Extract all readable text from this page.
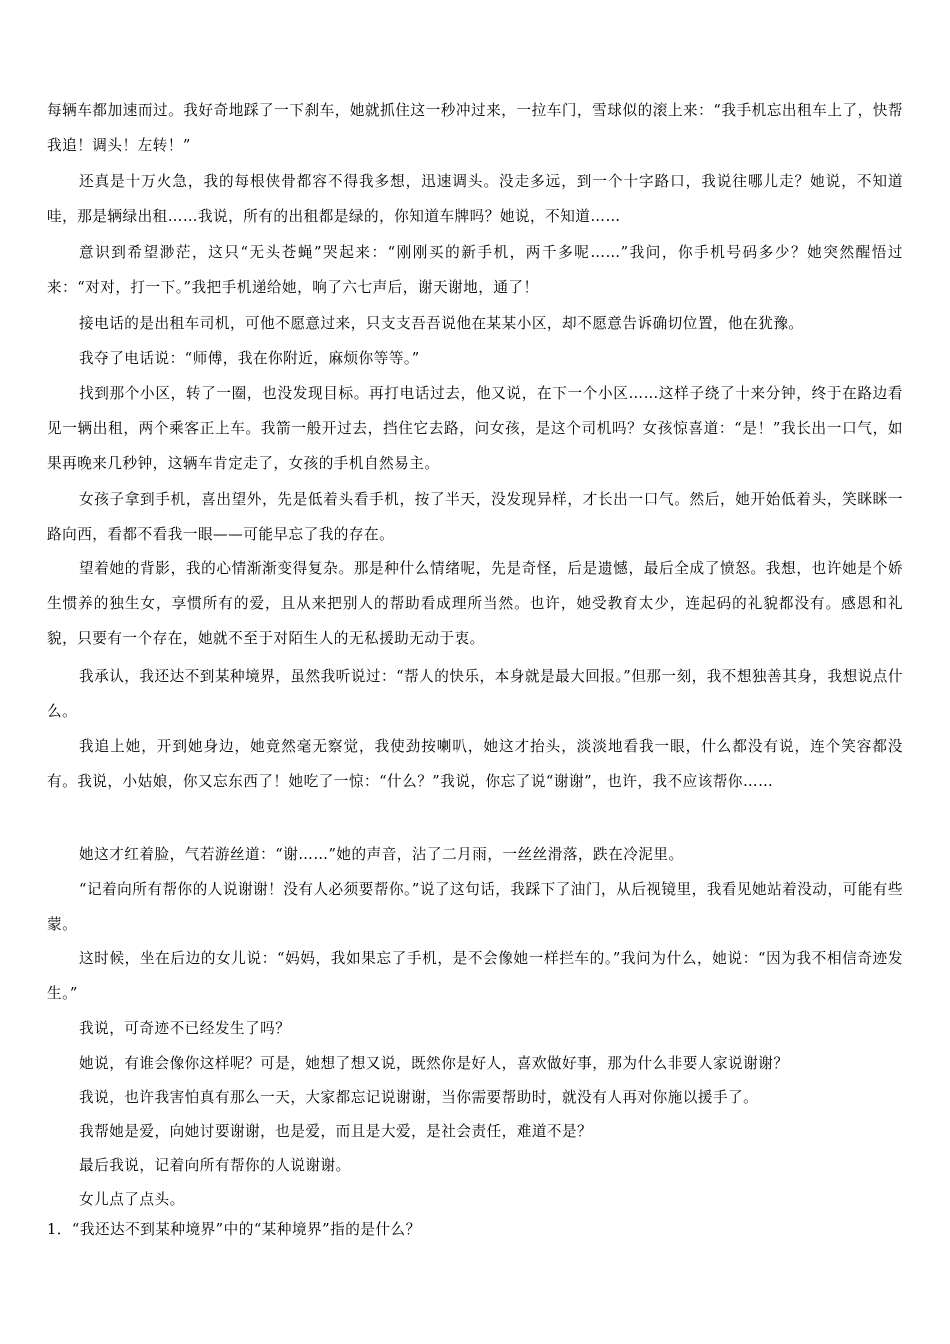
每辆车都加速而过。我好奇地踩了一下刹车，她就抓住这一秒冲过来，一拉车门，雪球似的滚上来：“我手机忘出租车上了，快帮我追！调头！左转！”

还真是十万火急，我的每根侠骨都容不得我多想，迅速调头。没走多远，到一个十字路口，我说往哪儿走？她说，不知道哇，那是辆绿出租……我说，所有的出租都是绿的，你知道车牌吗？她说，不知道……

意识到希望渺茫，这只“无头苍蝇”哭起来：“刚刚买的新手机，两千多呢……”我问，你手机号码多少？她突然醒悟过来：“对对，打一下。”我把手机递给她，响了六七声后，谢天谢地，通了！

接电话的是出租车司机，可他不愿意过来，只支支吾吾说他在某某小区，却不愿意告诉确切位置，他在犹豫。

我夺了电话说：“师傅，我在你附近，麻烦你等等。”

找到那个小区，转了一圈，也没发现目标。再打电话过去，他又说，在下一个小区……这样子绕了十来分钟，终于在路边看见一辆出租，两个乘客正上车。我箭一般开过去，挡住它去路，问女孩，是这个司机吗？女孩惊喜道：“是！”我长出一口气，如果再晚来几秒钟，这辆车肯定走了，女孩的手机自然易主。

女孩子拿到手机，喜出望外，先是低着头看手机，按了半天，没发现异样，才长出一口气。然后，她开始低着头，笑眯眯一路向西，看都不看我一眼——可能早忘了我的存在。

望着她的背影，我的心情渐渐变得复杂。那是种什么情绪呢，先是奇怪，后是遗憾，最后全成了愤怒。我想，也许她是个娇生惯养的独生女，享惯所有的爱，且从来把别人的帮助看成理所当然。也许，她受教育太少，连起码的礼貌都没有。感恩和礼貌，只要有一个存在，她就不至于对陌生人的无私援助无动于衷。

我承认，我还达不到某种境界，虽然我听说过：“帮人的快乐，本身就是最大回报。”但那一刻，我不想独善其身，我想说点什么。

我追上她，开到她身边，她竟然毫无察觉，我使劲按喇叭，她这才抬头，淡淡地看我一眼，什么都没有说，连个笑容都没有。我说，小姑娘，你又忘东西了！她吃了一惊：“什么？”我说，你忘了说“谢谢”，也许，我不应该帮你……

她这才红着脸，气若游丝道：“谢……”她的声音，沾了二月雨，一丝丝滑落，跌在冷泥里。

“记着向所有帮你的人说谢谢！没有人必须要帮你。”说了这句话，我踩下了油门，从后视镜里，我看见她站着没动，可能有些蒙。

这时候，坐在后边的女儿说：“妈妈，我如果忘了手机，是不会像她一样拦车的。”我问为什么，她说：“因为我不相信奇迹发生。”

我说，可奇迹不已经发生了吗？

她说，有谁会像你这样呢？可是，她想了想又说，既然你是好人，喜欢做好事，那为什么非要人家说谢谢？

我说，也许我害怕真有那么一天，大家都忘记说谢谢，当你需要帮助时，就没有人再对你施以援手了。

我帮她是爱，向她讨要谢谢，也是爱，而且是大爱，是社会责任，难道不是？

最后我说，记着向所有帮你的人说谢谢。

女儿点了点头。

1．“我还达不到某种境界”中的“某种境界”指的是什么？
